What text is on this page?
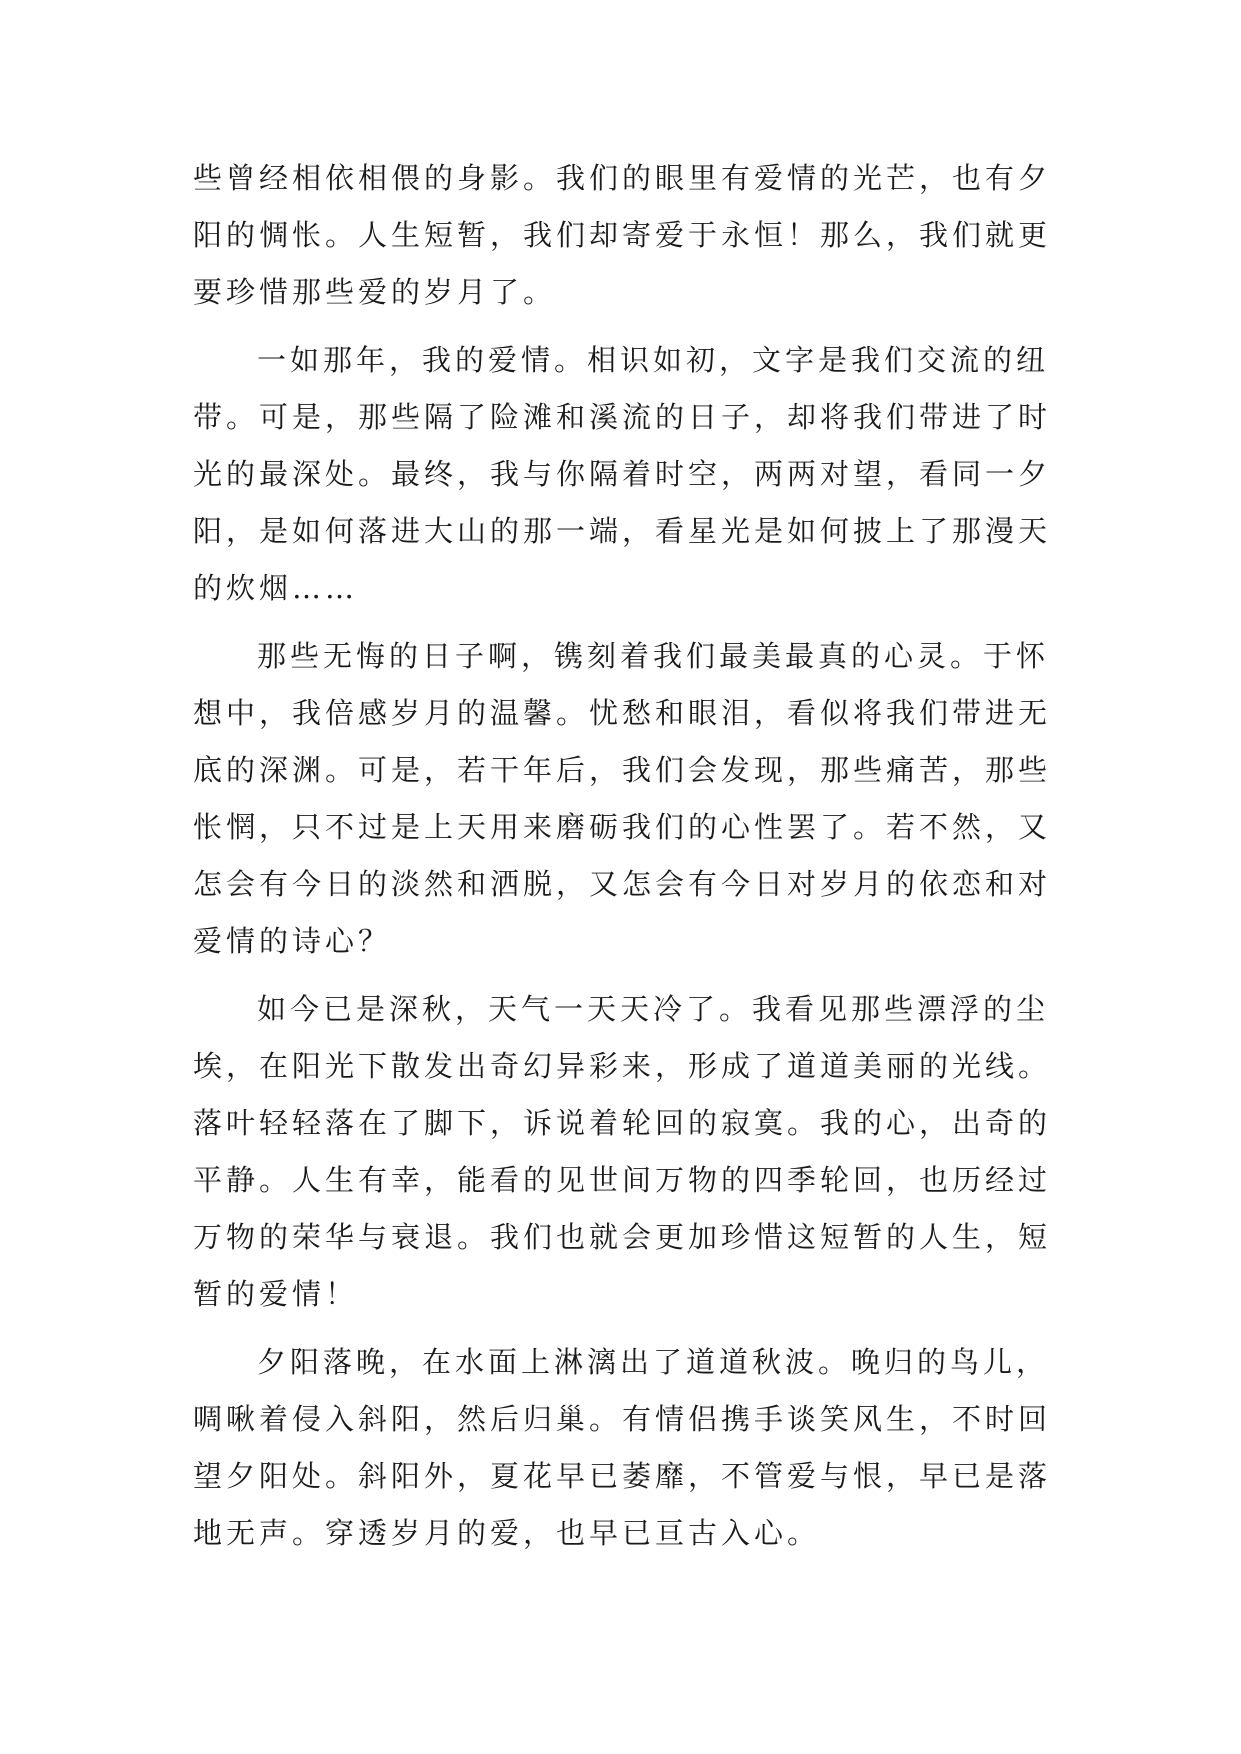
些曾经相依相偎的身影。我们的眼里有爱情的光芒，也有夕
阳的惆怅。人生短暂，我们却寄爱于永恒！那么，我们就更
要珍惜那些爱的岁月了。
一如那年，我的爱情。相识如初，文字是我们交流的纽
带。可是，那些隔了险滩和溪流的日子，却将我们带进了时
光的最深处。最终，我与你隔着时空，两两对望，看同一夕
阳，是如何落进大山的那一端，看星光是如何披上了那漫天
的炊烟……
那些无悔的日子啊，镌刻着我们最美最真的心灵。于怀
想中，我倍感岁月的温馨。忧愁和眼泪，看似将我们带进无
底的深渊。可是，若干年后，我们会发现，那些痛苦，那些
怅惘，只不过是上天用来磨砺我们的心性罢了。若不然，又
怎会有今日的淡然和洒脱，又怎会有今日对岁月的依恋和对
爱情的诗心？
如今已是深秋，天气一天天冷了。我看见那些漂浮的尘
埃，在阳光下散发出奇幻异彩来，形成了道道美丽的光线。
落叶轻轻落在了脚下，诉说着轮回的寂寞。我的心，出奇的
平静。人生有幸，能看的见世间万物的四季轮回，也历经过
万物的荣华与衰退。我们也就会更加珍惜这短暂的人生，短
暂的爱情！
夕阳落晚，在水面上淋漓出了道道秋波。晚归的鸟儿，
啁啾着侵入斜阳，然后归巢。有情侣携手谈笑风生，不时回
望夕阳处。斜阳外，夏花早已萎靡，不管爱与恨，早已是落
地无声。穿透岁月的爱，也早已亘古入心。
